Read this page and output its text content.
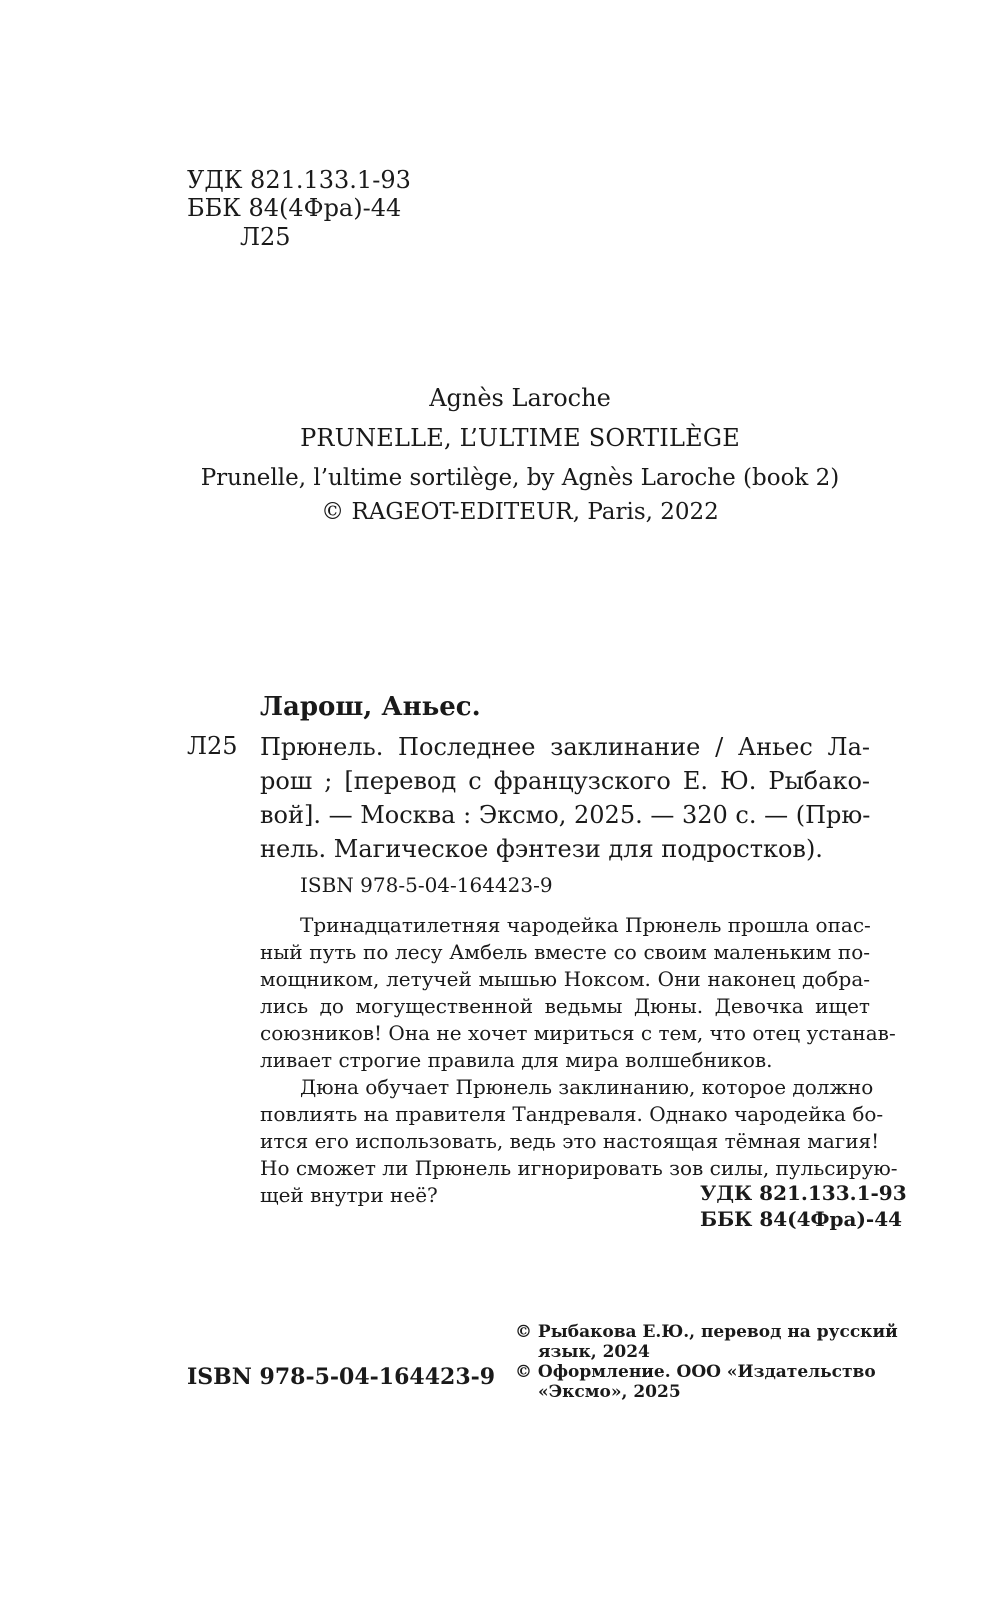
УДК 821.133.1-93
ББК 84(4Фра)-44
Л25
Agnès Laroche
PRUNELLE, L’ULTIME SORTILÈGE
Prunelle, l’ultime sortilège, by Agnès Laroche (book 2)
© RAGEOT-EDITEUR, Paris, 2022
Ларош, Аньес.
Л25 Прюнель. Последнее заклинание / Аньес Ла-
рош ; [перевод с французского Е. Ю. Рыбако-
вой]. — Москва : Эксмо, 2025. — 320 с. — (Прю-
нель. Магическое фэнтези для подростков).
ISBN 978-5-04-164423-9
Тринадцатилетняя чародейка Прюнель прошла опас-
ный путь по лесу Амбель вместе со своим маленьким по-
мощником, летучей мышью Ноксом. Они наконец добра-
лись до могущественной ведьмы Дюны. Девочка ищет
союзников! Она не хочет мириться с тем, что отец устанав-
ливает строгие правила для мира волшебников.
Дюна обучает Прюнель заклинанию, которое должно
повлиять на правителя Тандреваля. Однако чародейка бо-
ится его использовать, ведь это настоящая тёмная магия!
Но сможет ли Прюнель игнорировать зов силы, пульсирую-
щей внутри неё?	УДК 821.133.1-93
ББК 84(4Фра)-44
© Рыбакова Е.Ю., перевод на русский
язык, 2024
© Оформление. ООО «Издательство
«Эксмо», 2025
ISBN 978-5-04-164423-9
